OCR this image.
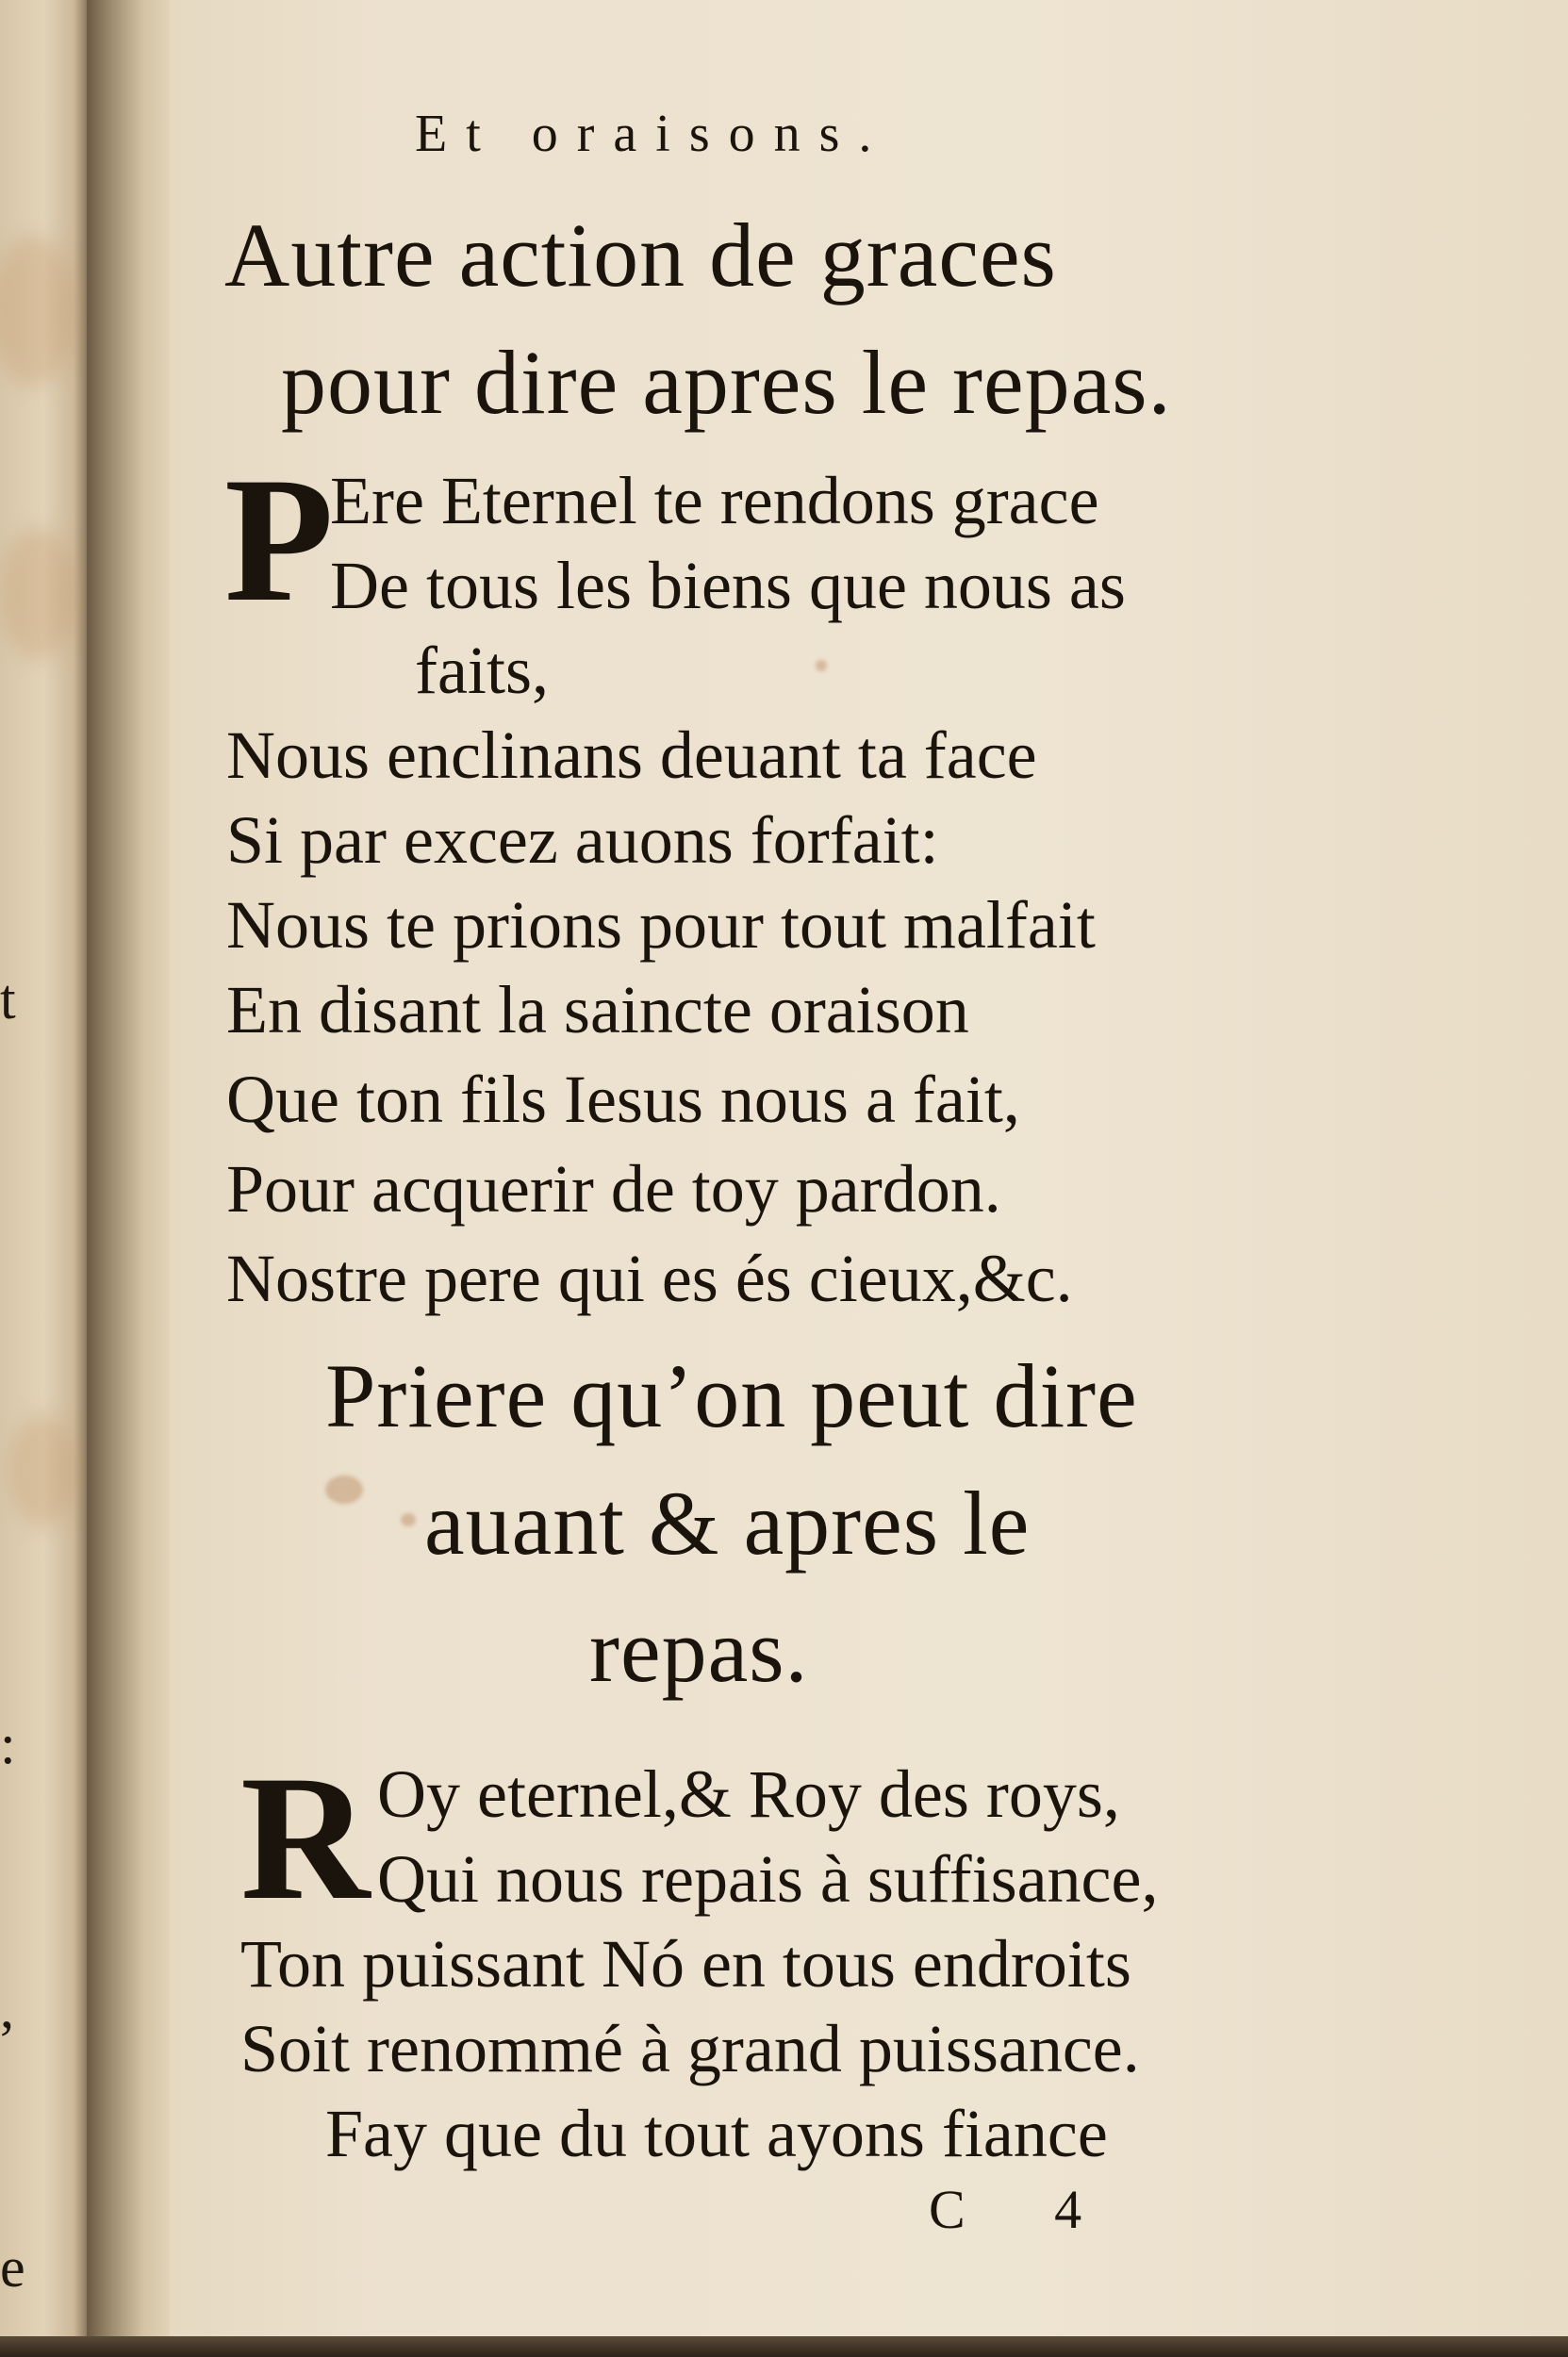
t
:
,
e
Et oraisons.
Autre action de graces
pour dire apres le repas.
P
Ere Eternel te rendons grace
De tous les biens que nous as
faits,
Nous enclinans deuant ta face
Si par excez auons forfait:
Nous te prions pour tout malfait
En disant la saincte oraison
Que ton fils Iesus nous a fait,
Pour acquerir de toy pardon.
Nostre pere qui es és cieux,&c.
Priere qu’on peut dire
auant & apres le
repas.
R Oy eternel,& Roy des roys,
Qui nous repais à suffisance,
Ton puissant Nó en tous endroits
Soit renommé à grand puissance.
Fay que du tout ayons fiance
C 4
